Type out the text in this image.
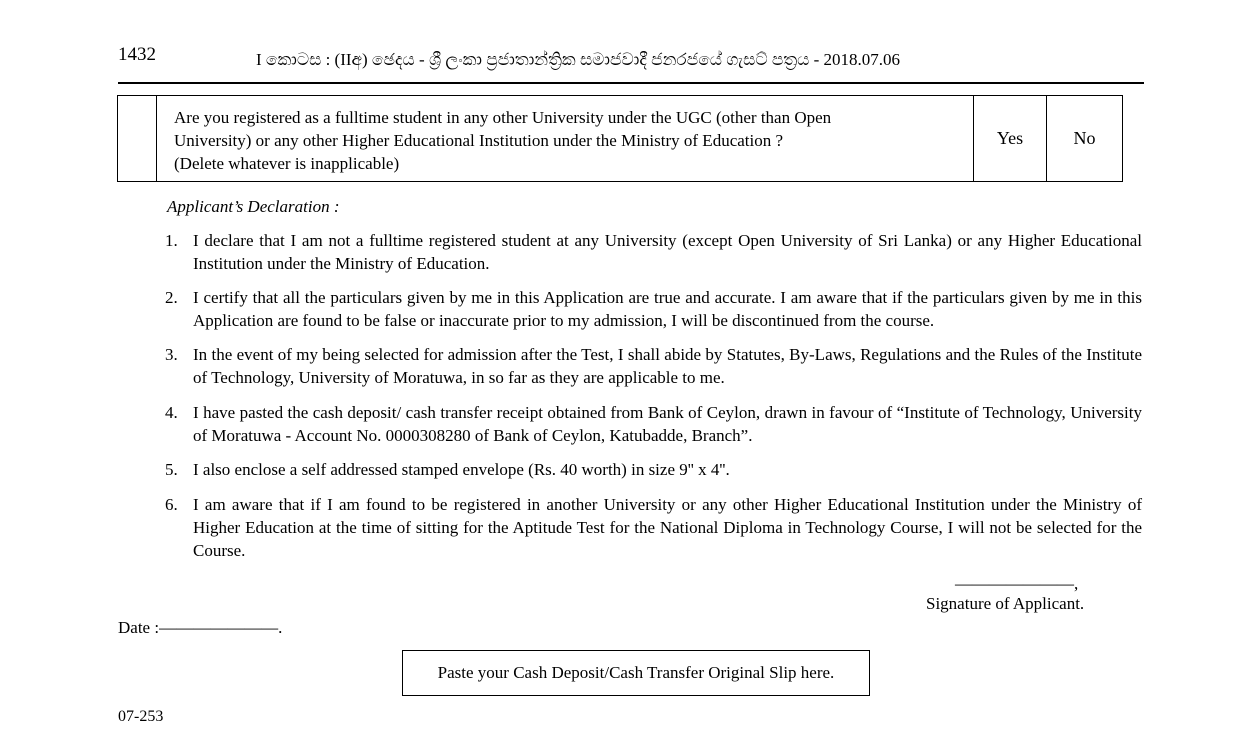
1432	I කොටස : (IIඅ) ඡෙදය - ශ්‍රී ලංකා ප්‍රජාතාන්ත්‍රික සමාජවාදී ජනරජයේ ගැසට් පත්‍රය - 2018.07.06
Are you registered as a fulltime student in any other University under the UGC (other than Open
University) or any other Higher Educational Institution under the Ministry of Education ?
(Delete whatever is inapplicable)
Yes	No
Applicant’s Declaration :
1. I declare that I am not a fulltime registered student at any University (except Open University of Sri Lanka) or any Higher Educational Institution under the Ministry of Education.
2. I certify that all the particulars given by me in this Application are true and accurate. I am aware that if the particulars given by me in this Application are found to be false or inaccurate prior to my admission, I will be discontinued from the course.
3. In the event of my being selected for admission after the Test, I shall abide by Statutes, By-Laws, Regulations and the Rules of the Institute of Technology, University of Moratuwa, in so far as they are applicable to me.
4. I have pasted the cash deposit/ cash transfer receipt obtained from Bank of Ceylon, drawn in favour of “Institute of Technology, University of Moratuwa - Account No. 0000308280 of Bank of Ceylon, Katubadde, Branch”.
5. I also enclose a self addressed stamped envelope (Rs. 40 worth) in size 9'' x 4''.
6. I am aware that if I am found to be registered in another University or any other Higher Educational Institution under the Ministry of Higher Education at the time of sitting for the Aptitude Test for the National Diploma in Technology Course, I will not be selected for the Course.
———————,
Signature of Applicant.
Date :———————.
Paste your Cash Deposit/Cash Transfer Original Slip here.
07-253
